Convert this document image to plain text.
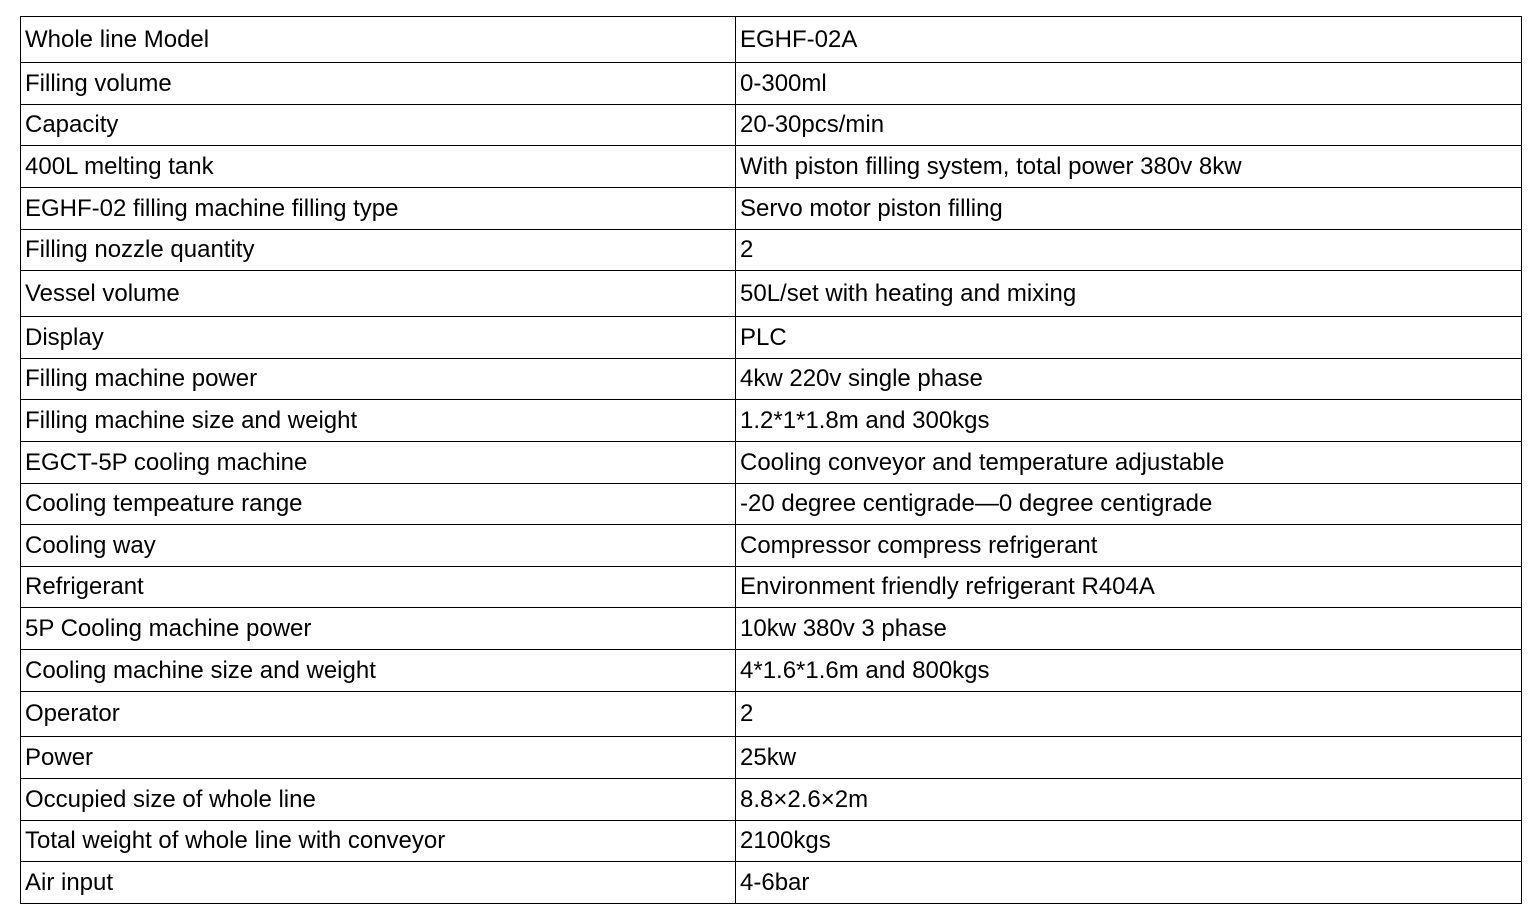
Whole line Model	EGHF-02A
Filling volume	0-300ml
Capacity	20-30pcs/min
400L melting tank	With piston filling system, total power 380v 8kw
EGHF-02 filling machine filling type	Servo motor piston filling
Filling nozzle quantity	2
Vessel volume	50L/set with heating and mixing
Display	PLC
Filling machine power	4kw 220v single phase
Filling machine size and weight	1.2*1*1.8m and 300kgs
EGCT-5P cooling machine	Cooling conveyor and temperature adjustable
Cooling tempeature range	-20 degree centigrade—0 degree centigrade
Cooling way	Compressor compress refrigerant
Refrigerant	Environment friendly refrigerant R404A
5P Cooling machine power	10kw 380v 3 phase
Cooling machine size and weight	4*1.6*1.6m and 800kgs
Operator	2
Power	25kw
Occupied size of whole line	8.8×2.6×2m
Total weight of whole line with conveyor	2100kgs
Air input	4-6bar
